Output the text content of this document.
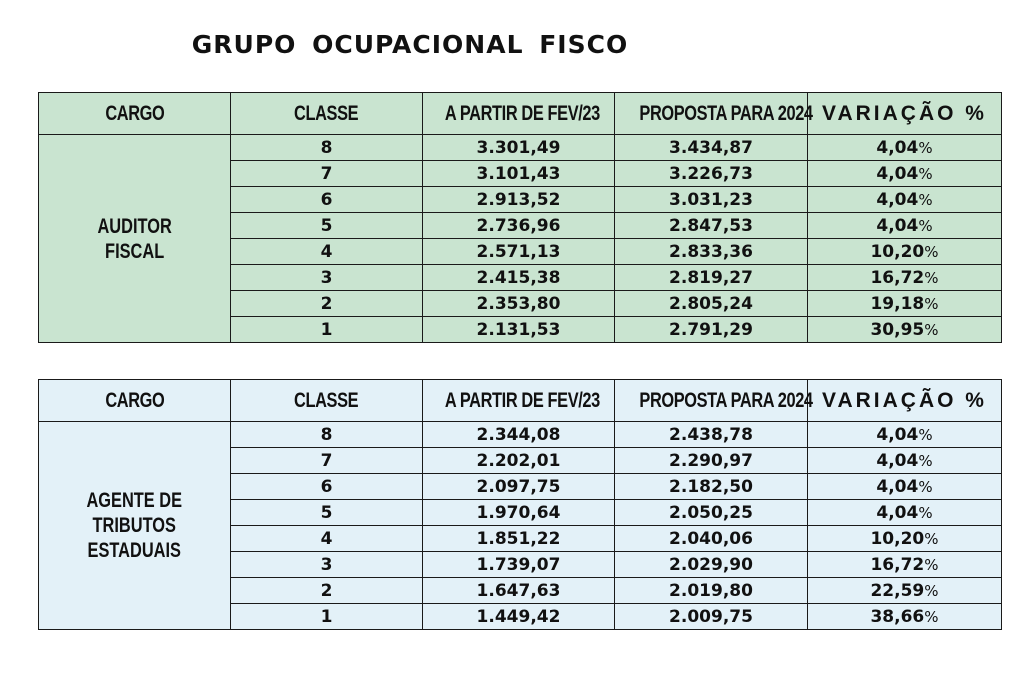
GRUPO OCUPACIONAL FISCO
CARGO	CLASSE	A PARTIR DE FEV/23	PROPOSTA PARA 2024	VARIAÇÃO %
AUDITOR
FISCAL	8	3.301,49	3.434,87	4,04%
	7	3.101,43	3.226,73	4,04%
	6	2.913,52	3.031,23	4,04%
	5	2.736,96	2.847,53	4,04%
	4	2.571,13	2.833,36	10,20%
	3	2.415,38	2.819,27	16,72%
	2	2.353,80	2.805,24	19,18%
	1	2.131,53	2.791,29	30,95%
CARGO	CLASSE	A PARTIR DE FEV/23	PROPOSTA PARA 2024	VARIAÇÃO %
AGENTE DE
TRIBUTOS
ESTADUAIS	8	2.344,08	2.438,78	4,04%
	7	2.202,01	2.290,97	4,04%
	6	2.097,75	2.182,50	4,04%
	5	1.970,64	2.050,25	4,04%
	4	1.851,22	2.040,06	10,20%
	3	1.739,07	2.029,90	16,72%
	2	1.647,63	2.019,80	22,59%
	1	1.449,42	2.009,75	38,66%
